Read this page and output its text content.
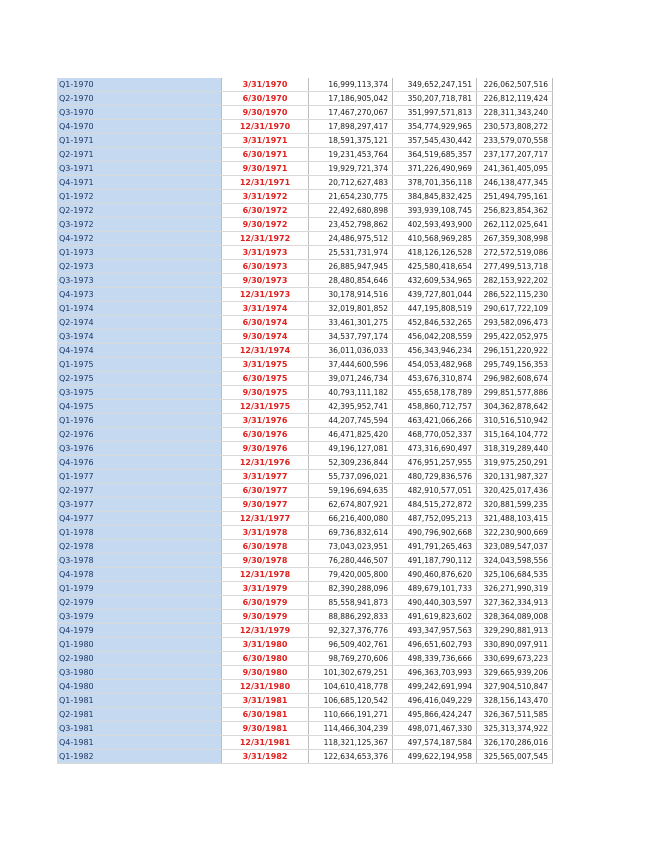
Q1-1970	3/31/1970	16,999,113,374	349,652,247,151	226,062,507,516
Q2-1970	6/30/1970	17,186,905,042	350,207,718,781	226,812,119,424
Q3-1970	9/30/1970	17,467,270,067	351,997,571,813	228,311,343,240
Q4-1970	12/31/1970	17,898,297,417	354,774,929,965	230,573,808,272
Q1-1971	3/31/1971	18,591,375,121	357,545,430,442	233,579,070,558
Q2-1971	6/30/1971	19,231,453,764	364,519,685,357	237,177,207,717
Q3-1971	9/30/1971	19,929,721,374	371,226,490,969	241,361,405,095
Q4-1971	12/31/1971	20,712,627,483	378,701,356,118	246,138,477,345
Q1-1972	3/31/1972	21,654,230,775	384,845,832,425	251,494,795,161
Q2-1972	6/30/1972	22,492,680,898	393,939,108,745	256,823,854,362
Q3-1972	9/30/1972	23,452,798,862	402,593,493,900	262,112,025,641
Q4-1972	12/31/1972	24,486,975,512	410,568,969,285	267,359,308,998
Q1-1973	3/31/1973	25,531,731,974	418,126,126,528	272,572,519,086
Q2-1973	6/30/1973	26,885,947,945	425,580,418,654	277,499,513,718
Q3-1973	9/30/1973	28,480,854,646	432,609,534,965	282,153,922,202
Q4-1973	12/31/1973	30,178,914,516	439,727,801,044	286,522,115,230
Q1-1974	3/31/1974	32,019,801,852	447,195,808,519	290,617,722,109
Q2-1974	6/30/1974	33,461,301,275	452,846,532,265	293,582,096,473
Q3-1974	9/30/1974	34,537,797,174	456,042,208,559	295,422,052,975
Q4-1974	12/31/1974	36,011,036,033	456,343,946,234	296,151,220,922
Q1-1975	3/31/1975	37,444,600,596	454,053,482,968	295,749,156,353
Q2-1975	6/30/1975	39,071,246,734	453,676,310,874	296,982,608,674
Q3-1975	9/30/1975	40,793,111,182	455,658,178,789	299,851,577,886
Q4-1975	12/31/1975	42,395,952,741	458,860,712,757	304,362,878,642
Q1-1976	3/31/1976	44,207,745,594	463,421,066,266	310,516,510,942
Q2-1976	6/30/1976	46,471,825,420	468,770,052,337	315,164,104,772
Q3-1976	9/30/1976	49,196,127,081	473,316,690,497	318,319,289,440
Q4-1976	12/31/1976	52,309,236,844	476,951,257,955	319,975,250,291
Q1-1977	3/31/1977	55,737,096,021	480,729,836,576	320,131,987,327
Q2-1977	6/30/1977	59,196,694,635	482,910,577,051	320,425,017,436
Q3-1977	9/30/1977	62,674,807,921	484,515,272,872	320,881,599,235
Q4-1977	12/31/1977	66,216,400,080	487,752,095,213	321,488,103,415
Q1-1978	3/31/1978	69,736,832,614	490,796,902,668	322,230,900,669
Q2-1978	6/30/1978	73,043,023,951	491,791,265,463	323,089,547,037
Q3-1978	9/30/1978	76,280,446,507	491,187,790,112	324,043,598,556
Q4-1978	12/31/1978	79,420,005,800	490,460,876,620	325,106,684,535
Q1-1979	3/31/1979	82,390,288,096	489,679,101,733	326,271,990,319
Q2-1979	6/30/1979	85,558,941,873	490,440,303,597	327,362,334,913
Q3-1979	9/30/1979	88,886,292,833	491,619,823,602	328,364,089,008
Q4-1979	12/31/1979	92,327,376,776	493,347,957,563	329,290,881,913
Q1-1980	3/31/1980	96,509,402,761	496,651,602,793	330,890,097,911
Q2-1980	6/30/1980	98,769,270,606	498,339,736,666	330,699,673,223
Q3-1980	9/30/1980	101,302,679,251	496,363,703,993	329,665,939,206
Q4-1980	12/31/1980	104,610,418,778	499,242,691,994	327,904,510,847
Q1-1981	3/31/1981	106,685,120,542	496,416,049,229	328,156,143,470
Q2-1981	6/30/1981	110,666,191,271	495,866,424,247	326,367,511,585
Q3-1981	9/30/1981	114,466,304,239	498,071,467,330	325,313,374,922
Q4-1981	12/31/1981	118,321,125,367	497,574,187,584	326,170,286,016
Q1-1982	3/31/1982	122,634,653,376	499,622,194,958	325,565,007,545
